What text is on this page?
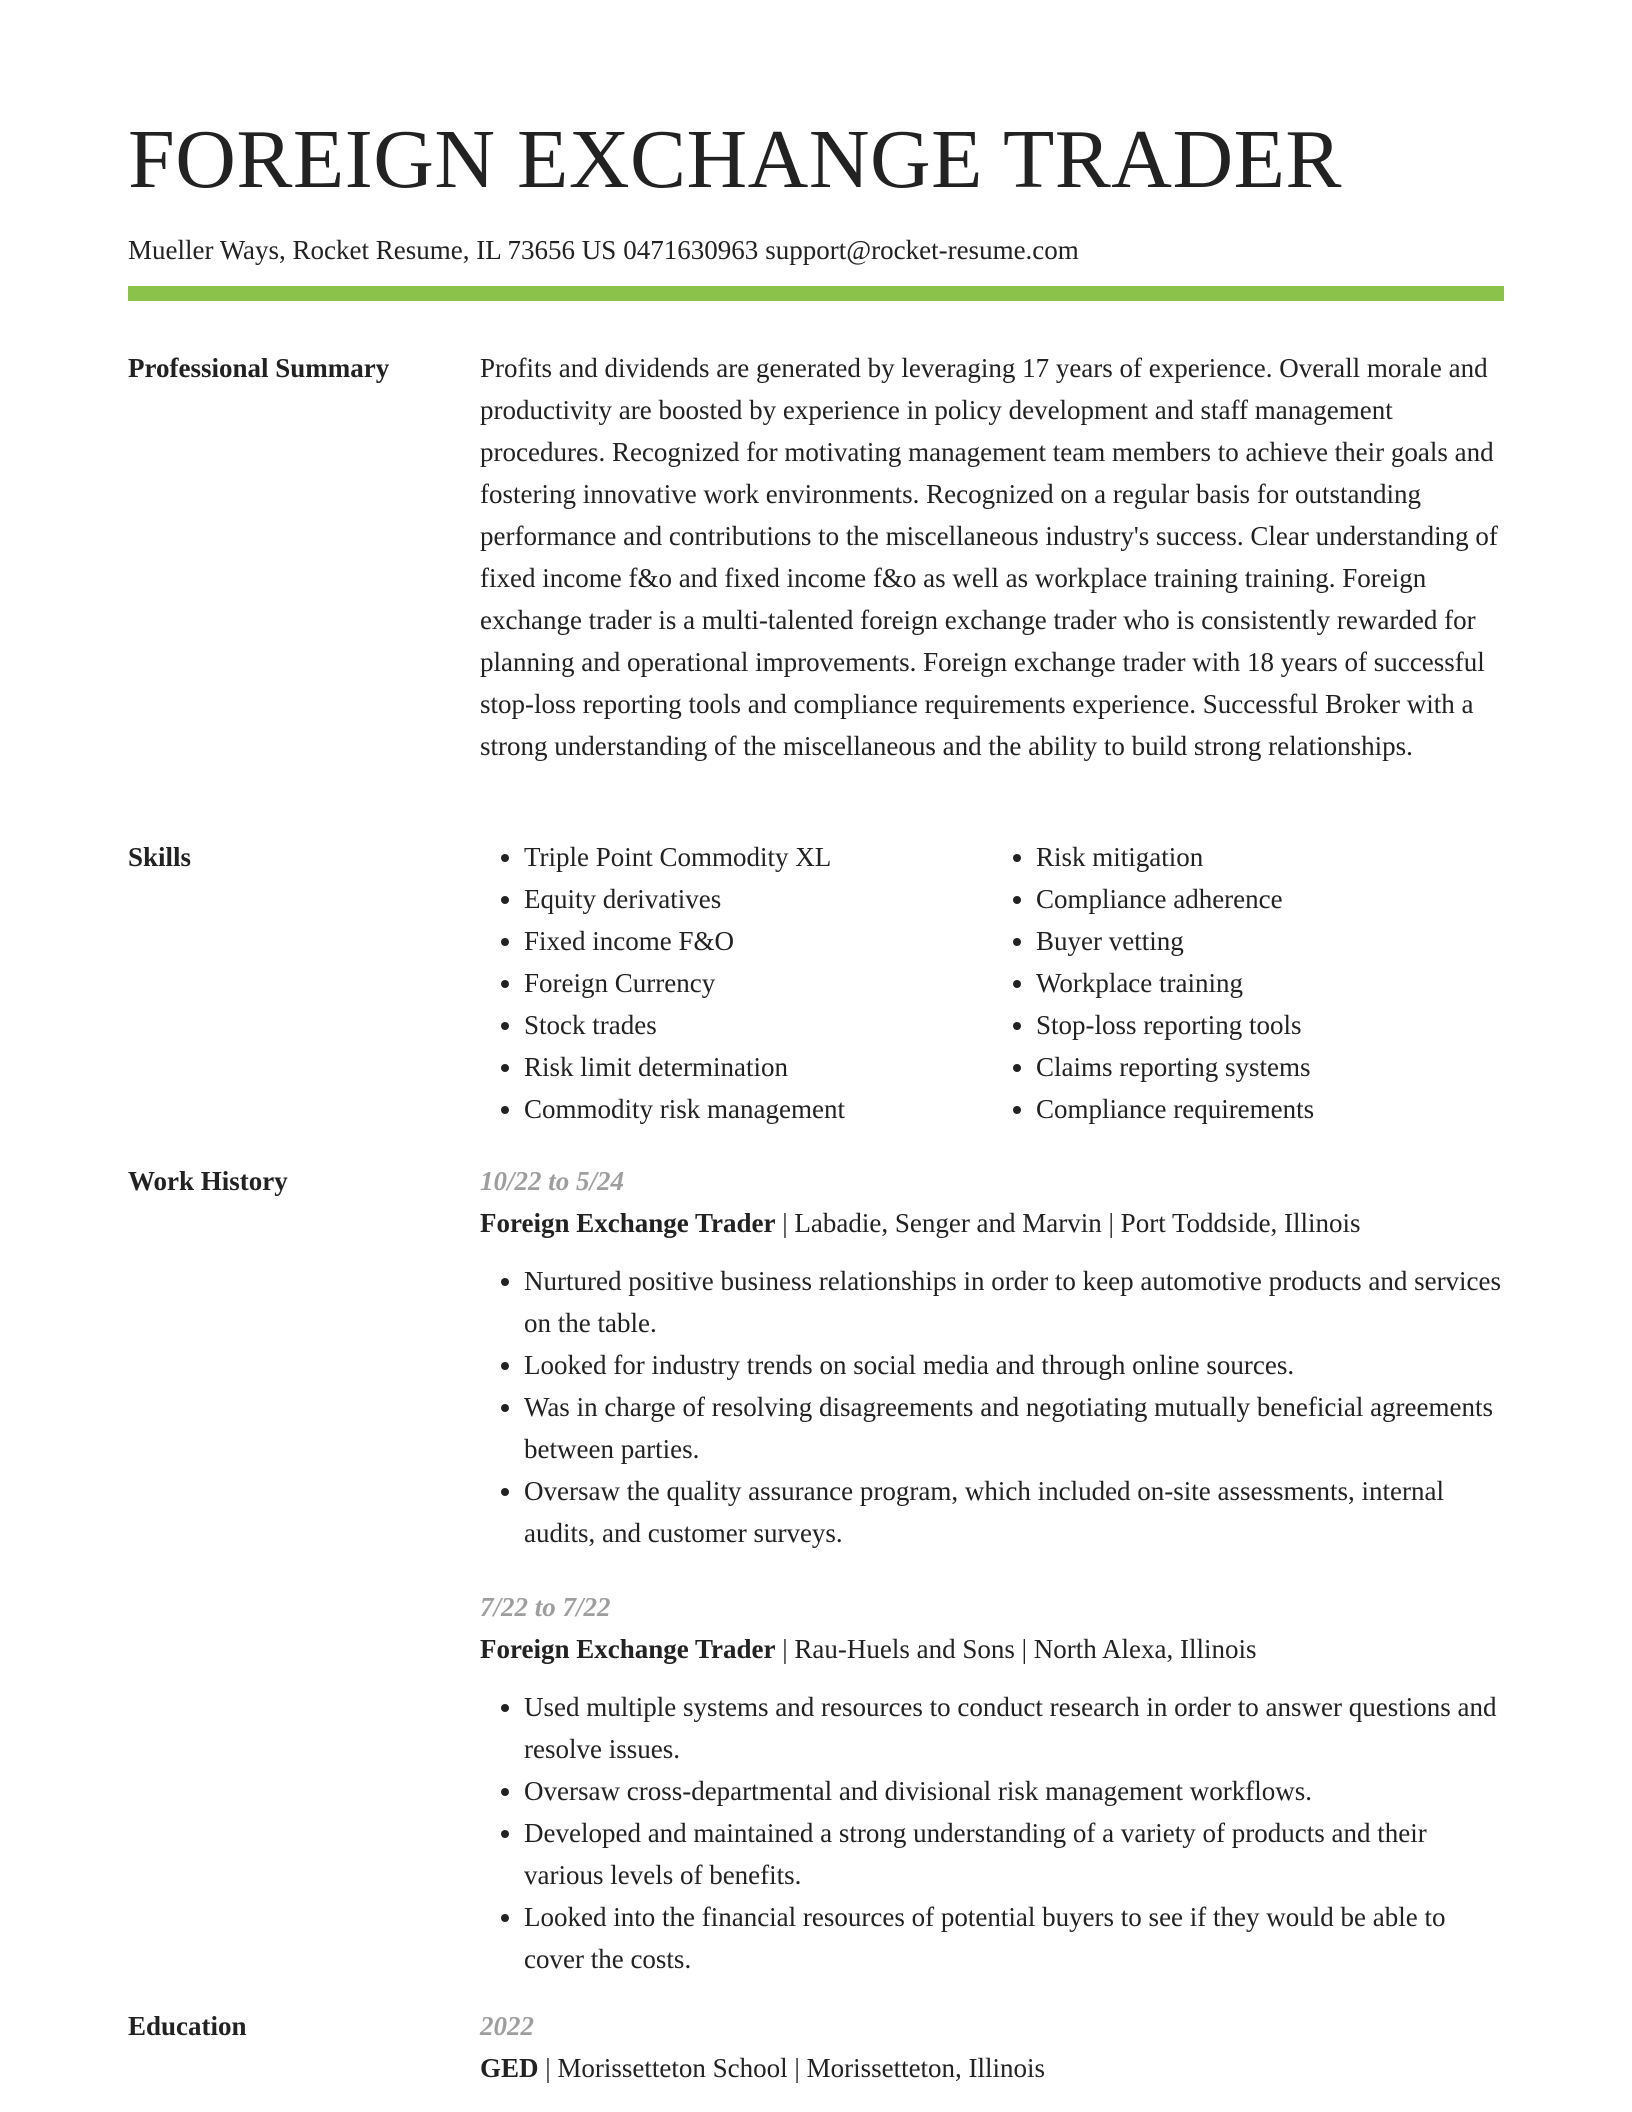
FOREIGN EXCHANGE TRADER
Mueller Ways, Rocket Resume, IL 73656 US 0471630963 support@rocket-resume.com
Professional Summary	Profits and dividends are generated by leveraging 17 years of experience. Overall morale and productivity are boosted by experience in policy development and staff management procedures. Recognized for motivating management team members to achieve their goals and fostering innovative work environments. Recognized on a regular basis for outstanding performance and contributions to the miscellaneous industry's success. Clear understanding of fixed income f&o and fixed income f&o as well as workplace training training. Foreign exchange trader is a multi-talented foreign exchange trader who is consistently rewarded for planning and operational improvements. Foreign exchange trader with 18 years of successful stop-loss reporting tools and compliance requirements experience. Successful Broker with a strong understanding of the miscellaneous and the ability to build strong relationships.

Skills
•	Triple Point Commodity XL
• Equity derivatives
• Fixed income F&O
• Foreign Currency
• Stock trades
• Risk limit determination
• Commodity risk management
• Risk mitigation
• Compliance adherence
• Buyer vetting
• Workplace training
• Stop-loss reporting tools
• Claims reporting systems
• Compliance requirements
Work History	10/22 to 5/24
Foreign Exchange Trader | Labadie, Senger and Marvin | Port Toddside, Illinois
• Nurtured positive business relationships in order to keep automotive products and services on the table.
• Looked for industry trends on social media and through online sources.
• Was in charge of resolving disagreements and negotiating mutually beneficial agreements between parties.
• Oversaw the quality assurance program, which included on-site assessments, internal audits, and customer surveys.
7/22 to 7/22
Foreign Exchange Trader | Rau-Huels and Sons | North Alexa, Illinois
• Used multiple systems and resources to conduct research in order to answer questions and resolve issues.
• Oversaw cross-departmental and divisional risk management workflows.
• Developed and maintained a strong understanding of a variety of products and their various levels of benefits.
• Looked into the financial resources of potential buyers to see if they would be able to cover the costs.
Education	2022
GED | Morissetteton School | Morissetteton, Illinois
